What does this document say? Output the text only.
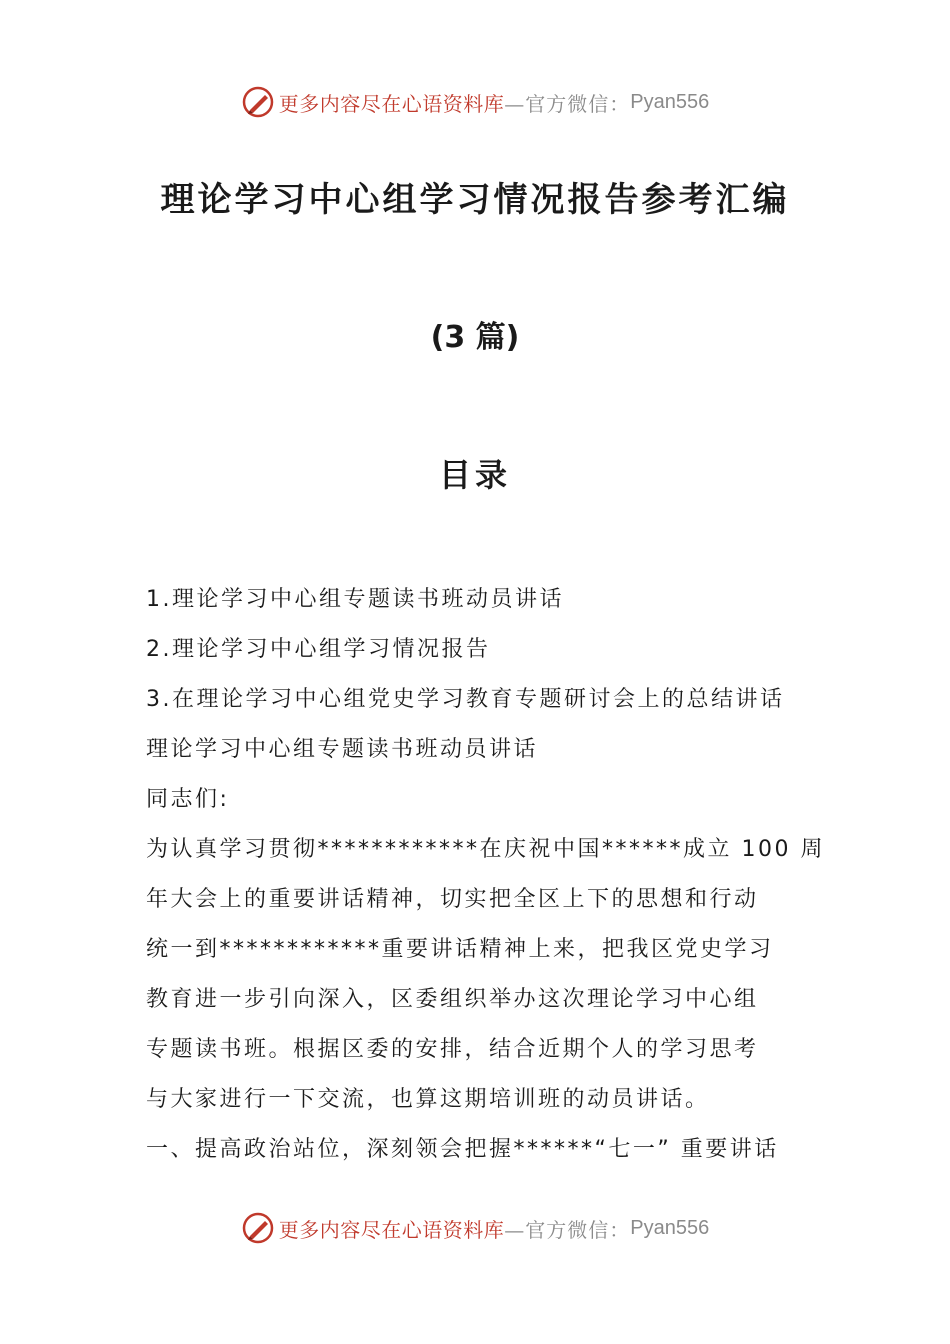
更多内容尽在心语资料库 —官方微信： Pyan556
理论学习中心组学习情况报告参考汇编
(3 篇)
目录
1.理论学习中心组专题读书班动员讲话
2.理论学习中心组学习情况报告
3.在理论学习中心组党史学习教育专题研讨会上的总结讲话
理论学习中心组专题读书班动员讲话
同志们:
为认真学习贯彻************在庆祝中国******成立 100 周
年大会上的重要讲话精神，切实把全区上下的思想和行动
统一到************重要讲话精神上来，把我区党史学习
教育进一步引向深入，区委组织举办这次理论学习中心组
专题读书班。根据区委的安排，结合近期个人的学习思考
与大家进行一下交流，也算这期培训班的动员讲话。
一、提高政治站位，深刻领会把握******“七一” 重要讲话
更多内容尽在心语资料库 —官方微信： Pyan556
